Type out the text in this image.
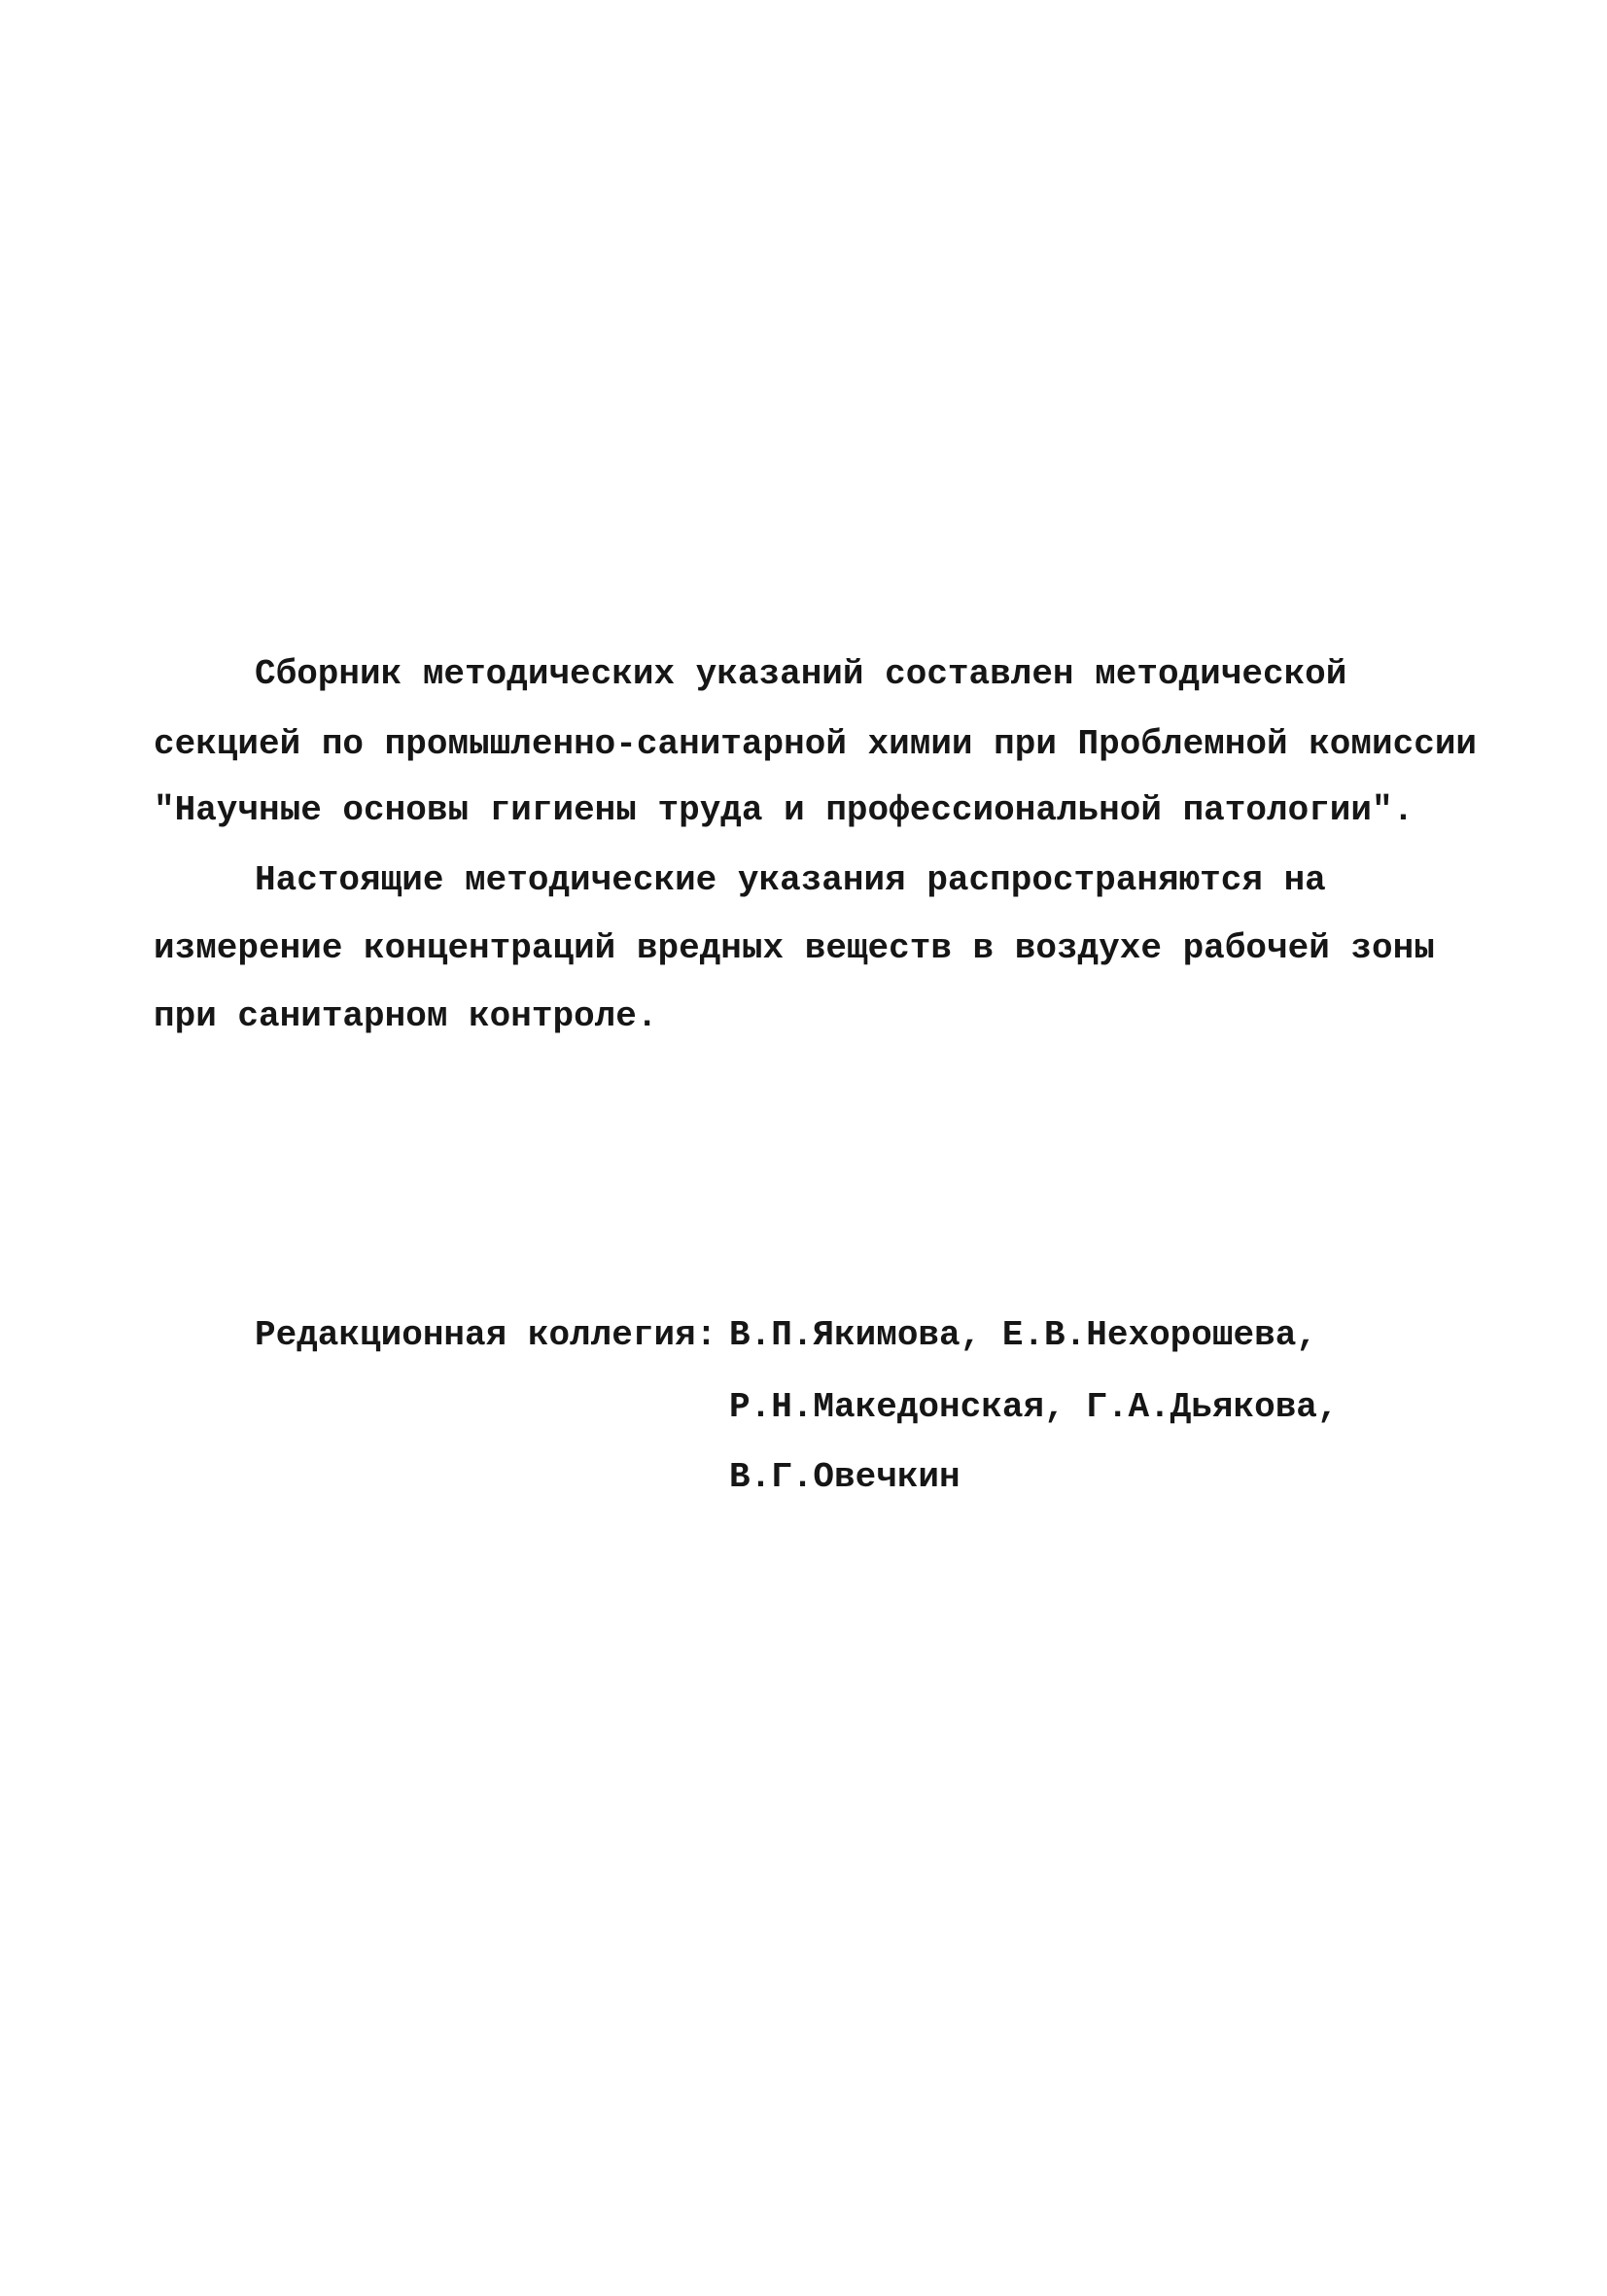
Сборник методических указаний составлен методической
секцией по промышленно-санитарной химии при Проблемной комиссии
"Научные основы гигиены труда и профессиональной патологии".
Настоящие методические указания распространяются на
измерение концентраций вредных веществ в воздухе рабочей зоны
при санитарном контроле.
Редакционная коллегия: В.П.Якимова, Е.В.Нехорошева,
Р.Н.Македонская, Г.А.Дьякова,
В.Г.Овечкин
